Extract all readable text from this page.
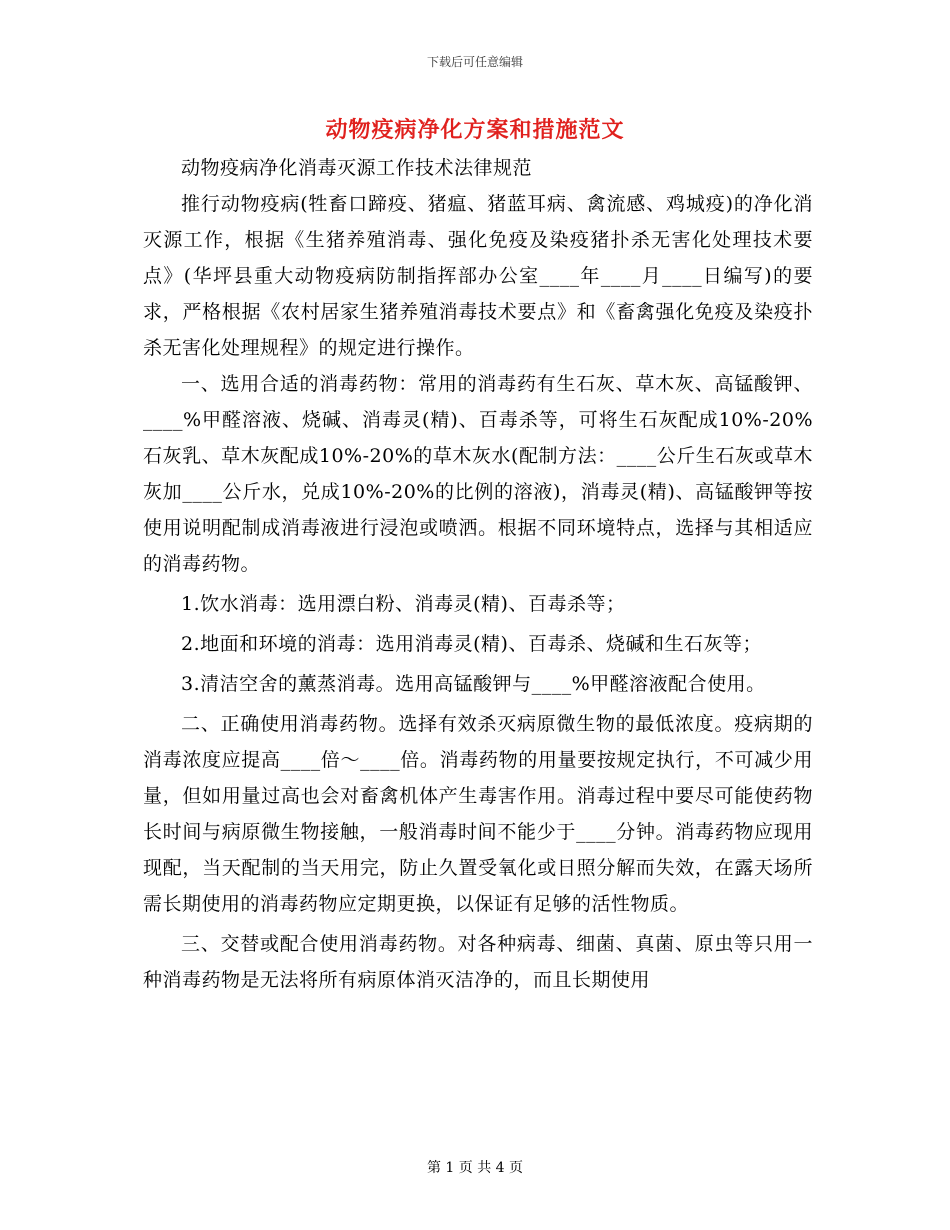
下载后可任意编辑
动物疫病净化方案和措施范文

动物疫病净化消毒灭源工作技术法律规范

推行动物疫病(牲畜口蹄疫、猪瘟、猪蓝耳病、禽流感、鸡城疫)的净化消灭源工作，根据《生猪养殖消毒、强化免疫及染疫猪扑杀无害化处理技术要点》(华坪县重大动物疫病防制指挥部办公室____年____月____日编写)的要求，严格根据《农村居家生猪养殖消毒技术要点》和《畜禽强化免疫及染疫扑杀无害化处理规程》的规定进行操作。

一、选用合适的消毒药物：常用的消毒药有生石灰、草木灰、高锰酸钾、____%甲醛溶液、烧碱、消毒灵(精)、百毒杀等，可将生石灰配成10%-20%石灰乳、草木灰配成10%-20%的草木灰水(配制方法：____公斤生石灰或草木灰加____公斤水，兑成10%-20%的比例的溶液)，消毒灵(精)、高锰酸钾等按使用说明配制成消毒液进行浸泡或喷洒。根据不同环境特点，选择与其相适应的消毒药物。

1.饮水消毒：选用漂白粉、消毒灵(精)、百毒杀等；

2.地面和环境的消毒：选用消毒灵(精)、百毒杀、烧碱和生石灰等；

3.清洁空舍的薰蒸消毒。选用高锰酸钾与____%甲醛溶液配合使用。

二、正确使用消毒药物。选择有效杀灭病原微生物的最低浓度。疫病期的消毒浓度应提高____倍～____倍。消毒药物的用量要按规定执行，不可减少用量，但如用量过高也会对畜禽机体产生毒害作用。消毒过程中要尽可能使药物长时间与病原微生物接触，一般消毒时间不能少于____分钟。消毒药物应现用现配，当天配制的当天用完，防止久置受氧化或日照分解而失效，在露天场所需长期使用的消毒药物应定期更换，以保证有足够的活性物质。

三、交替或配合使用消毒药物。对各种病毒、细菌、真菌、原虫等只用一种消毒药物是无法将所有病原体消灭洁净的，而且长期使用

第 1 页 共 4 页
